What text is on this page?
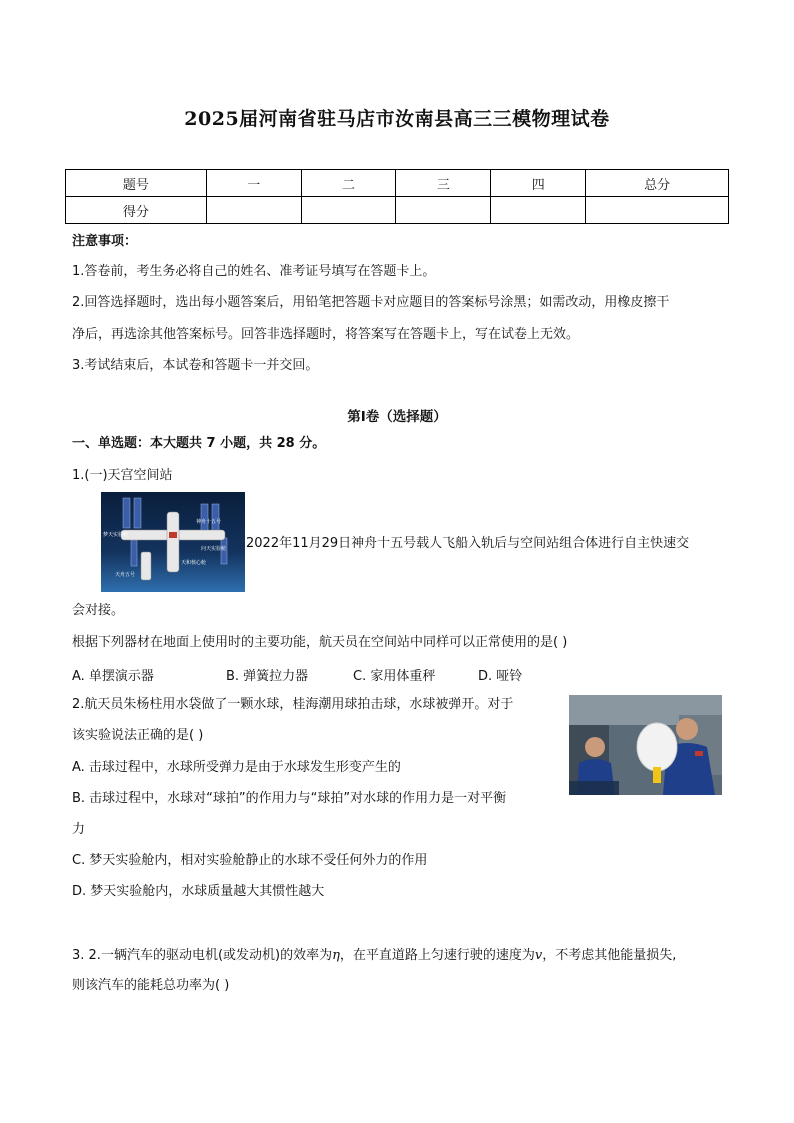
2025届河南省驻马店市汝南县高三三模物理试卷
题号	一	二	三	四	总分
得分					
注意事项：
1.答卷前，考生务必将自己的姓名、准考证号填写在答题卡上。
2.回答选择题时，选出每小题答案后，用铅笔把答题卡对应题目的答案标号涂黑；如需改动，用橡皮擦干
净后，再选涂其他答案标号。回答非选择题时，将答案写在答题卡上，写在试卷上无效。
3.考试结束后，本试卷和答题卡一并交回。
第Ⅰ卷（选择题）
一、单选题：本大题共 7 小题，共 28 分。
1.(一)天宫空间站
神舟十五号
梦天实验舱
问天实验舱
天和核心舱
天舟五号
2022年11月29日神舟十五号载人飞船入轨后与空间站组合体进行自主快速交
会对接。
根据下列器材在地面上使用时的主要功能，航天员在空间站中同样可以正常使用的是( )
A. 单摆演示器	B. 弹簧拉力器	C. 家用体重秤	D. 哑铃
2.航天员朱杨柱用水袋做了一颗水球，桂海潮用球拍击球，水球被弹开。对于
该实验说法正确的是( )
A. 击球过程中，水球所受弹力是由于水球发生形变产生的
B. 击球过程中，水球对“球拍”的作用力与“球拍”对水球的作用力是一对平衡
力
C. 梦天实验舱内，相对实验舱静止的水球不受任何外力的作用
D. 梦天实验舱内，水球质量越大其惯性越大
3. 2.一辆汽车的驱动电机(或发动机)的效率为η，在平直道路上匀速行驶的速度为v，不考虑其他能量损失,
则该汽车的能耗总功率为( )
